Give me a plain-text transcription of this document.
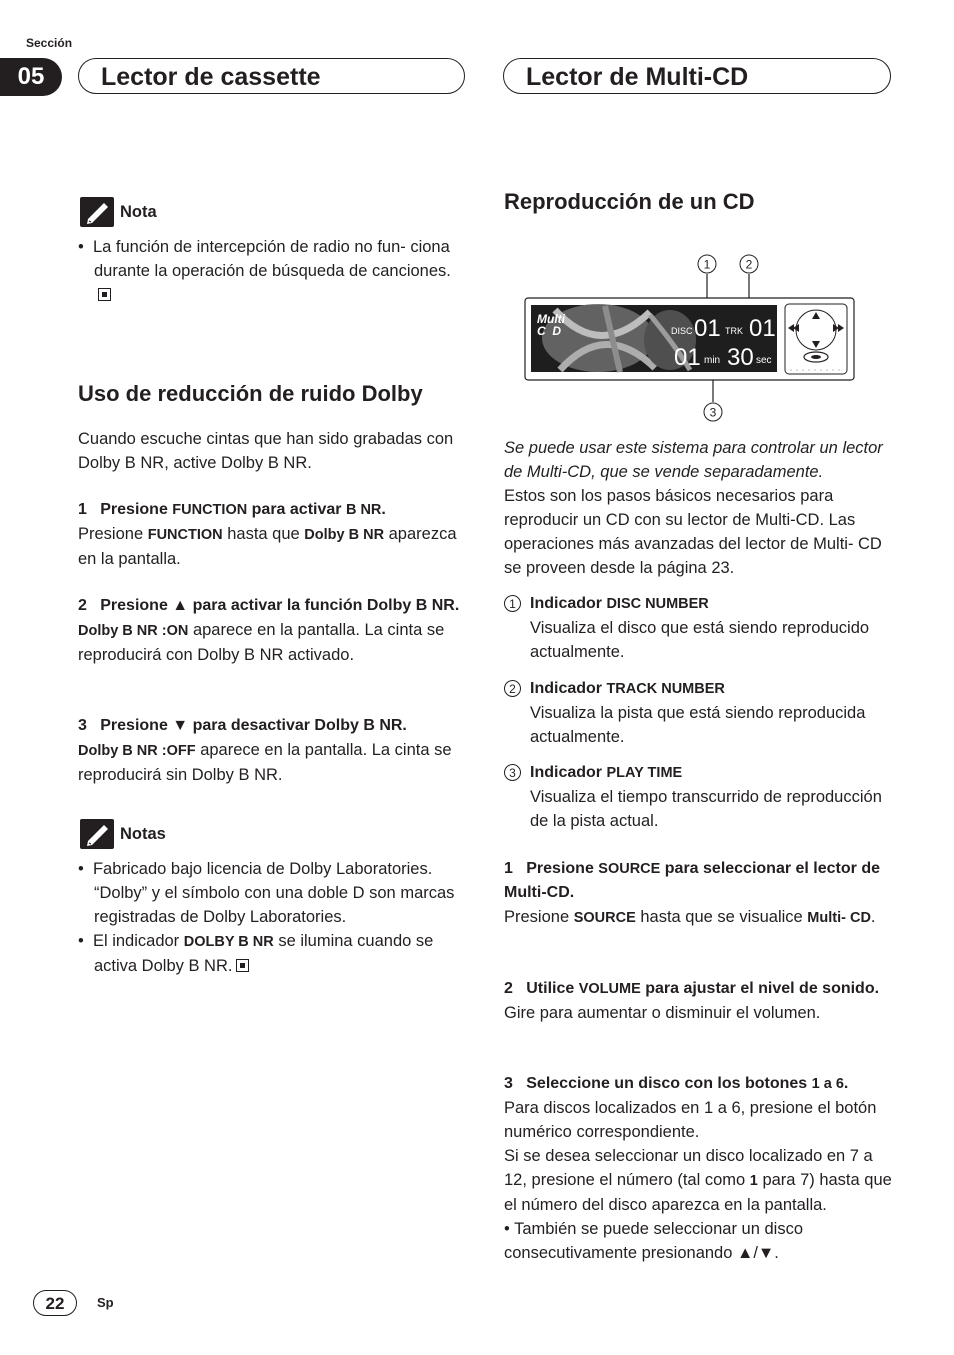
Sección
05	Lector de cassette	Lector de Multi-CD
Nota
•  La función de intercepción de radio no fun- ciona durante la operación de búsqueda de canciones.
Uso de reducción de ruido Dolby
Cuando escuche cintas que han sido grabadas con Dolby B NR, active Dolby B NR.
1 Presione FUNCTION para activar B NR.
Presione FUNCTION hasta que Dolby B NR aparezca en la pantalla.
2 Presione ▲ para activar la función Dolby B NR.
Dolby B NR :ON aparece en la pantalla. La cinta se reproducirá con Dolby B NR activado.
3 Presione ▼ para desactivar Dolby B NR.
Dolby B NR :OFF aparece en la pantalla. La cinta se reproducirá sin Dolby B NR.
Notas
•  Fabricado bajo licencia de Dolby Laboratories. “Dolby” y el símbolo con una doble D son marcas registradas de Dolby Laboratories.
•  El indicador DOLBY B NR se ilumina cuando se activa Dolby B NR.
Reproducción de un CD
1	2
3
Multi
C  D	DISC 01 TRK 01
01 min 30 sec
Se puede usar este sistema para controlar un lector de Multi-CD, que se vende separadamente.
Estos son los pasos básicos necesarios para reproducir un CD con su lector de Multi-CD. Las operaciones más avanzadas del lector de Multi- CD se proveen desde la página 23.
1 Indicador DISC NUMBER
Visualiza el disco que está siendo reproducido actualmente.
2 Indicador TRACK NUMBER
Visualiza la pista que está siendo reproducida actualmente.
3 Indicador PLAY TIME
Visualiza el tiempo transcurrido de reproducción de la pista actual.
1 Presione SOURCE para seleccionar el lector de Multi-CD.
Presione SOURCE hasta que se visualice Multi- CD.
2 Utilice VOLUME para ajustar el nivel de sonido.
Gire para aumentar o disminuir el volumen.
3 Seleccione un disco con los botones 1 a 6.
Para discos localizados en 1 a 6, presione el botón numérico correspondiente.
Si se desea seleccionar un disco localizado en 7 a 12, presione el número (tal como 1 para 7) hasta que el número del disco aparezca en la pantalla.
• También se puede seleccionar un disco consecutivamente presionando ▲/▼.
22	Sp
